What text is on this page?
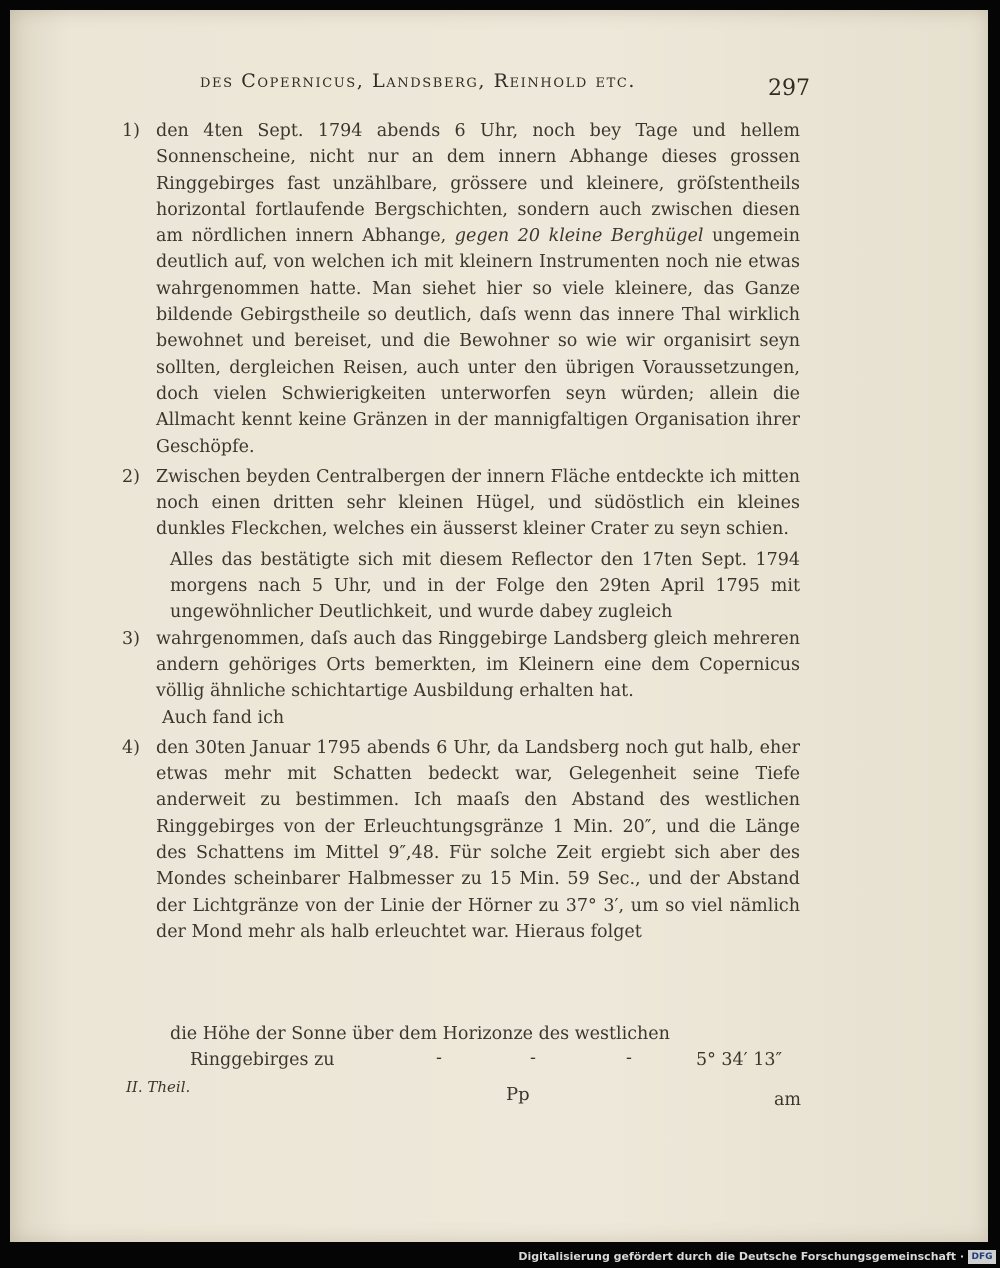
des Copernicus, Landsberg, Reinhold etc.	297

1) den 4ten Sept. 1794 abends 6 Uhr, noch bey Tage und hellem Sonnenscheine, nicht nur an dem innern Abhange dieses grossen Ringgebirges fast unzählbare, grössere und kleinere, gröſstentheils horizontal fortlaufende Bergschichten, sondern auch zwischen diesen am nördlichen innern Abhange, gegen 20 kleine Berghügel ungemein deutlich auf, von welchen ich mit kleinern Instrumenten noch nie etwas wahrgenommen hatte. Man siehet hier so viele kleinere, das Ganze bildende Gebirgstheile so deutlich, daſs wenn das innere Thal wirklich bewohnet und bereiset, und die Bewohner so wie wir organisirt seyn sollten, dergleichen Reisen, auch unter den übrigen Voraussetzungen, doch vielen Schwierigkeiten unterworfen seyn würden; allein die Allmacht kennt keine Gränzen in der mannigfaltigen Organisation ihrer Geschöpfe.

2) Zwischen beyden Centralbergen der innern Fläche entdeckte ich mitten noch einen dritten sehr kleinen Hügel, und südöstlich ein kleines dunkles Fleckchen, welches ein äusserst kleiner Crater zu seyn schien.

Alles das bestätigte sich mit diesem Reflector den 17ten Sept. 1794 morgens nach 5 Uhr, und in der Folge den 29ten April 1795 mit ungewöhnlicher Deutlichkeit, und wurde dabey zugleich

3) wahrgenommen, daſs auch das Ringgebirge Landsberg gleich mehreren andern gehöriges Orts bemerkten, im Kleinern eine dem Copernicus völlig ähnliche schichtartige Ausbildung erhalten hat.

Auch fand ich

4) den 30ten Januar 1795 abends 6 Uhr, da Landsberg noch gut halb, eher etwas mehr mit Schatten bedeckt war, Gelegenheit seine Tiefe anderweit zu bestimmen. Ich maaſs den Abstand des westlichen Ringgebirges von der Erleuchtungsgränze 1 Min. 20″, und die Länge des Schattens im Mittel 9″,48. Für solche Zeit ergiebt sich aber des Mondes scheinbarer Halbmesser zu 15 Min. 59 Sec., und der Abstand der Lichtgränze von der Linie der Hörner zu 37° 3′, um so viel nämlich der Mond mehr als halb erleuchtet war. Hieraus folget

die Höhe der Sonne über dem Horizonze des westlichen
Ringgebirges zu	-	-	-	5° 34′ 13″
II. Theil.	Pp	am
Digitalisierung gefördert durch die Deutsche Forschungsgemeinschaft · DFG
